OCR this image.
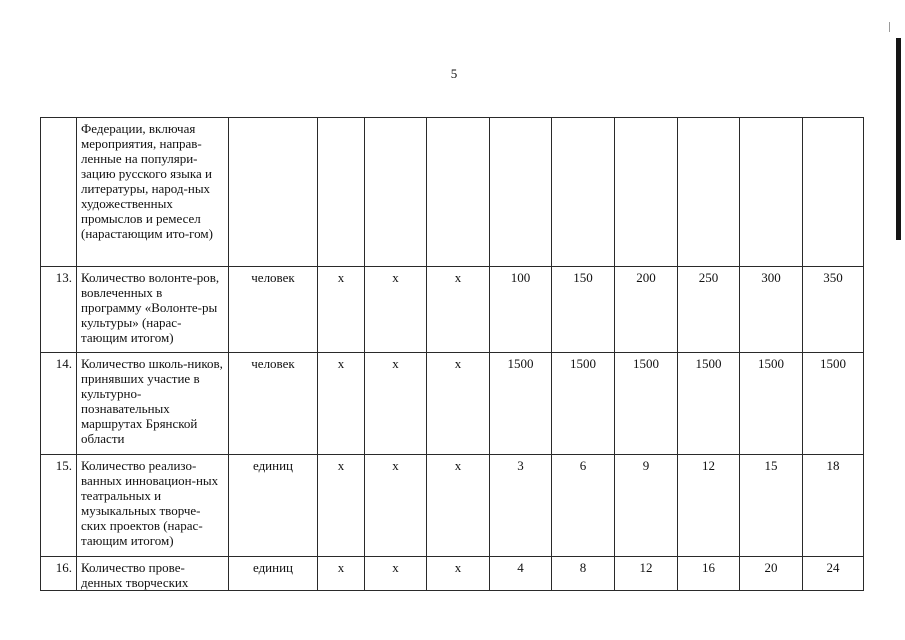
5
	Федерации, включая мероприятия, направ-ленные на популяри-зацию русского языка и литературы, народ-ных художественных промыслов и ремесел (нарастающим ито-гом)										
13.	Количество волонте-ров, вовлеченных в программу «Волонте-ры культуры» (нарас-тающим итогом)	человек	х	х	х	100	150	200	250	300	350
14.	Количество школь-ников, принявших участие в культурно-познавательных маршрутах Брянской области	человек	х	х	х	1500	1500	1500	1500	1500	1500
15.	Количество реализо-ванных инновацион-ных театральных и музыкальных творче-ских проектов (нарас-тающим итогом)	единиц	х	х	х	3	6	9	12	15	18
16.	Количество прове-денных творческих	единиц	х	х	х	4	8	12	16	20	24
